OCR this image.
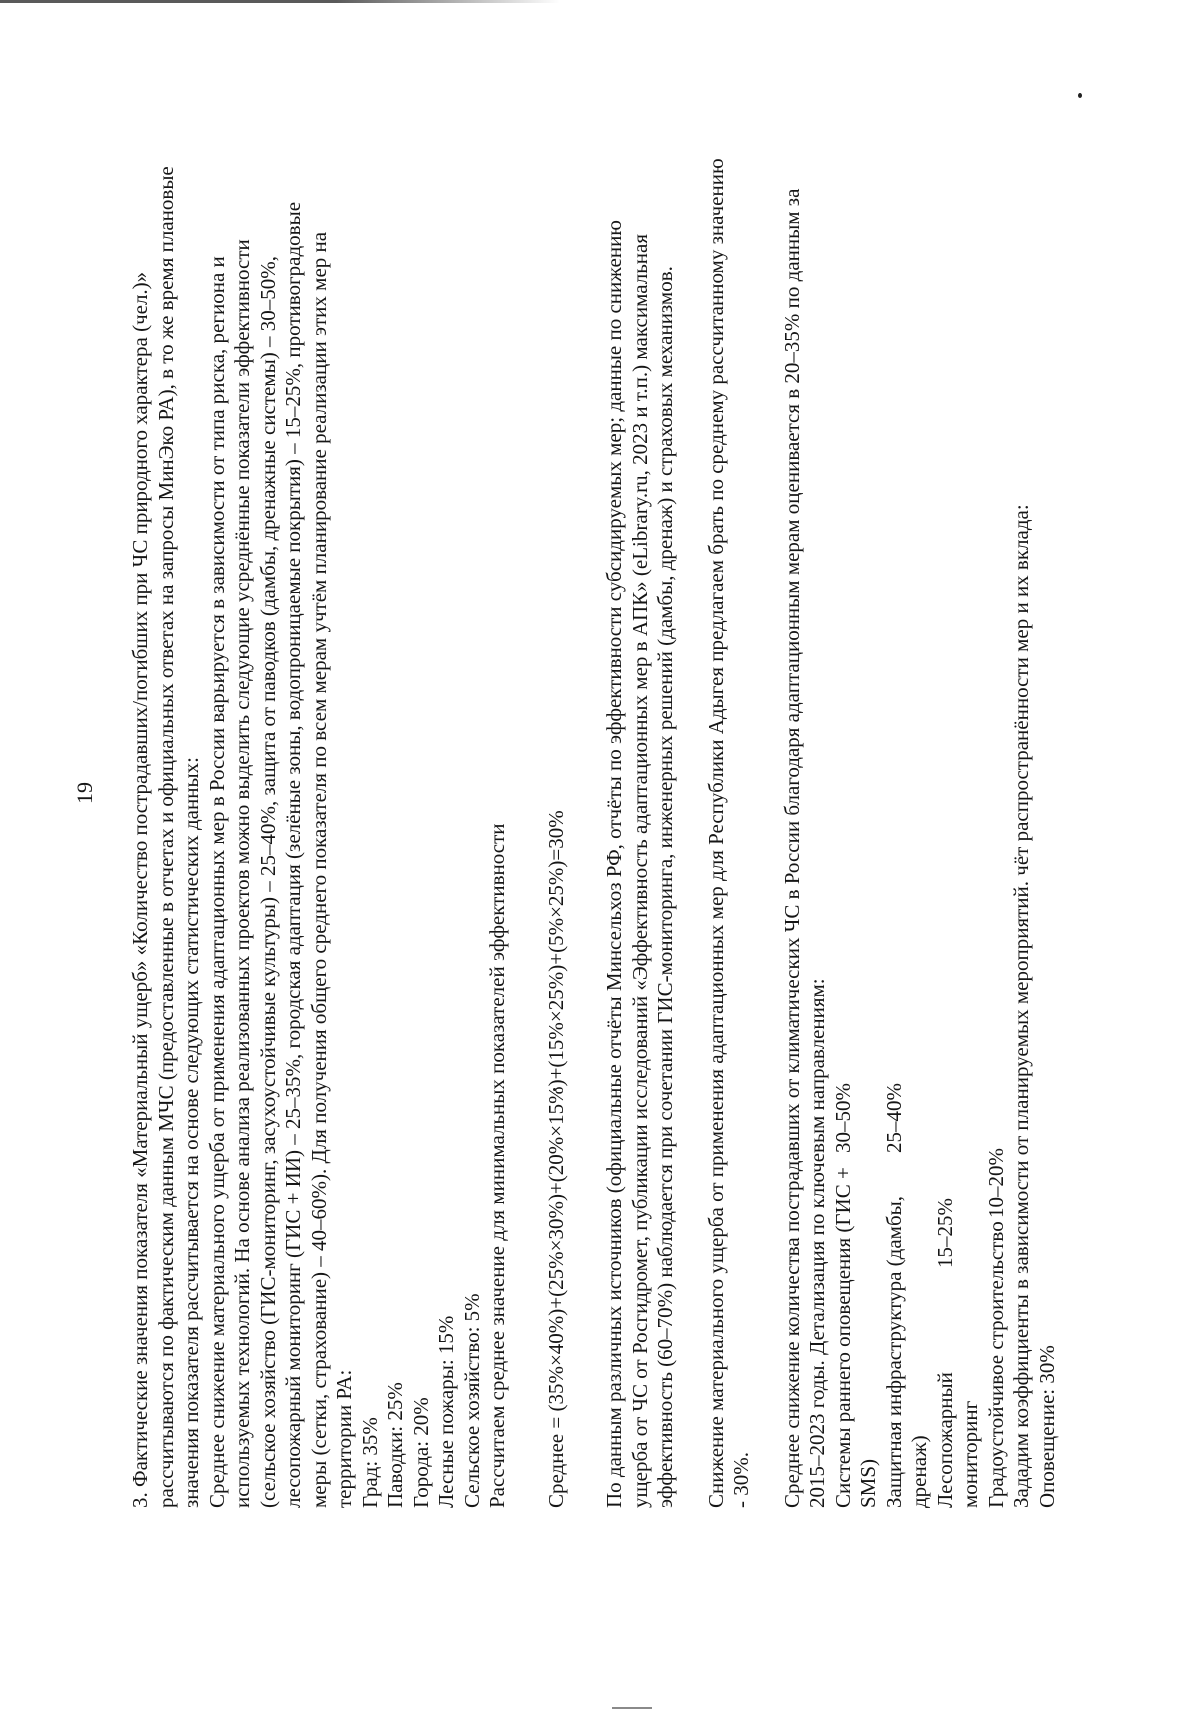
19 3. Фактические значения показателя «Материальный ущерб» «Количество пострадавших/погибших при ЧС природного характера (чел.)» рассчитываются по фактическим данным МЧС (предоставленные в отчетах и официальных ответах на запросы МинЭко РА), в то же время плановые значения показателя рассчитывается на основе следующих статистических данных: Среднее снижение материального ущерба от применения адаптационных мер в России варьируется в зависимости от типа риска, региона и используемых технологий. На основе анализа реализованных проектов можно выделить следующие усреднённые показатели эффективности (сельское хозяйство (ГИС-мониторинг, засухоустойчивые культуры) – 25–40%, защита от паводков (дамбы, дренажные системы) – 30–50%, лесопожарный мониторинг (ГИС + ИИ) – 25–35%, городская адаптация (зелёные зоны, водопроницаемые покрытия) – 15–25%, противоградовые меры (сетки, страхование) – 40–60%). Для получения общего среднего показателя по всем мерам учтём планирование реализации этих мер на территории РА: Град: 35% Паводки: 25% Города: 20% Лесные пожары: 15% Сельское хозяйство: 5% Рассчитаем среднее значение для минимальных показателей эффективности Среднее = (35%×40%)+(25%×30%)+(20%×15%)+(15%×25%)+(5%×25%)=30% По данным различных источников (официальные отчёты Минсельхоз РФ, отчёты по эффективности субсидируемых мер; данные по снижению ущерба от ЧС от Росгидромет, публикации исследований «Эффективность адаптационных мер в АПК» (eLibrary.ru, 2023 и т.п.) максимальная эффективность (60–70%) наблюдается при сочетании ГИС-мониторинга, инженерных решений (дамбы, дренаж) и страховых механизмов. Снижение материального ущерба от применения адаптационных мер для Республики Адыгея предлагаем брать по среднему рассчитанному значению - 30%. Среднее снижение количества пострадавших от климатических ЧС в России благодаря адаптационным мерам оценивается в 20–35% по данным за 2015–2023 годы. Детализация по ключевым направлениям: Системы раннего оповещения (ГИС + SMS)
30–50%
Защитная инфраструктура (дамбы, дренаж)
25–40%
Лесопожарный мониторинг
15–25%	Градоустойчивое строительство
10–20% Зададим коэффициенты в зависимости от планируемых мероприятий. чёт распространённости мер и их вклада: Оповещение: 30%
